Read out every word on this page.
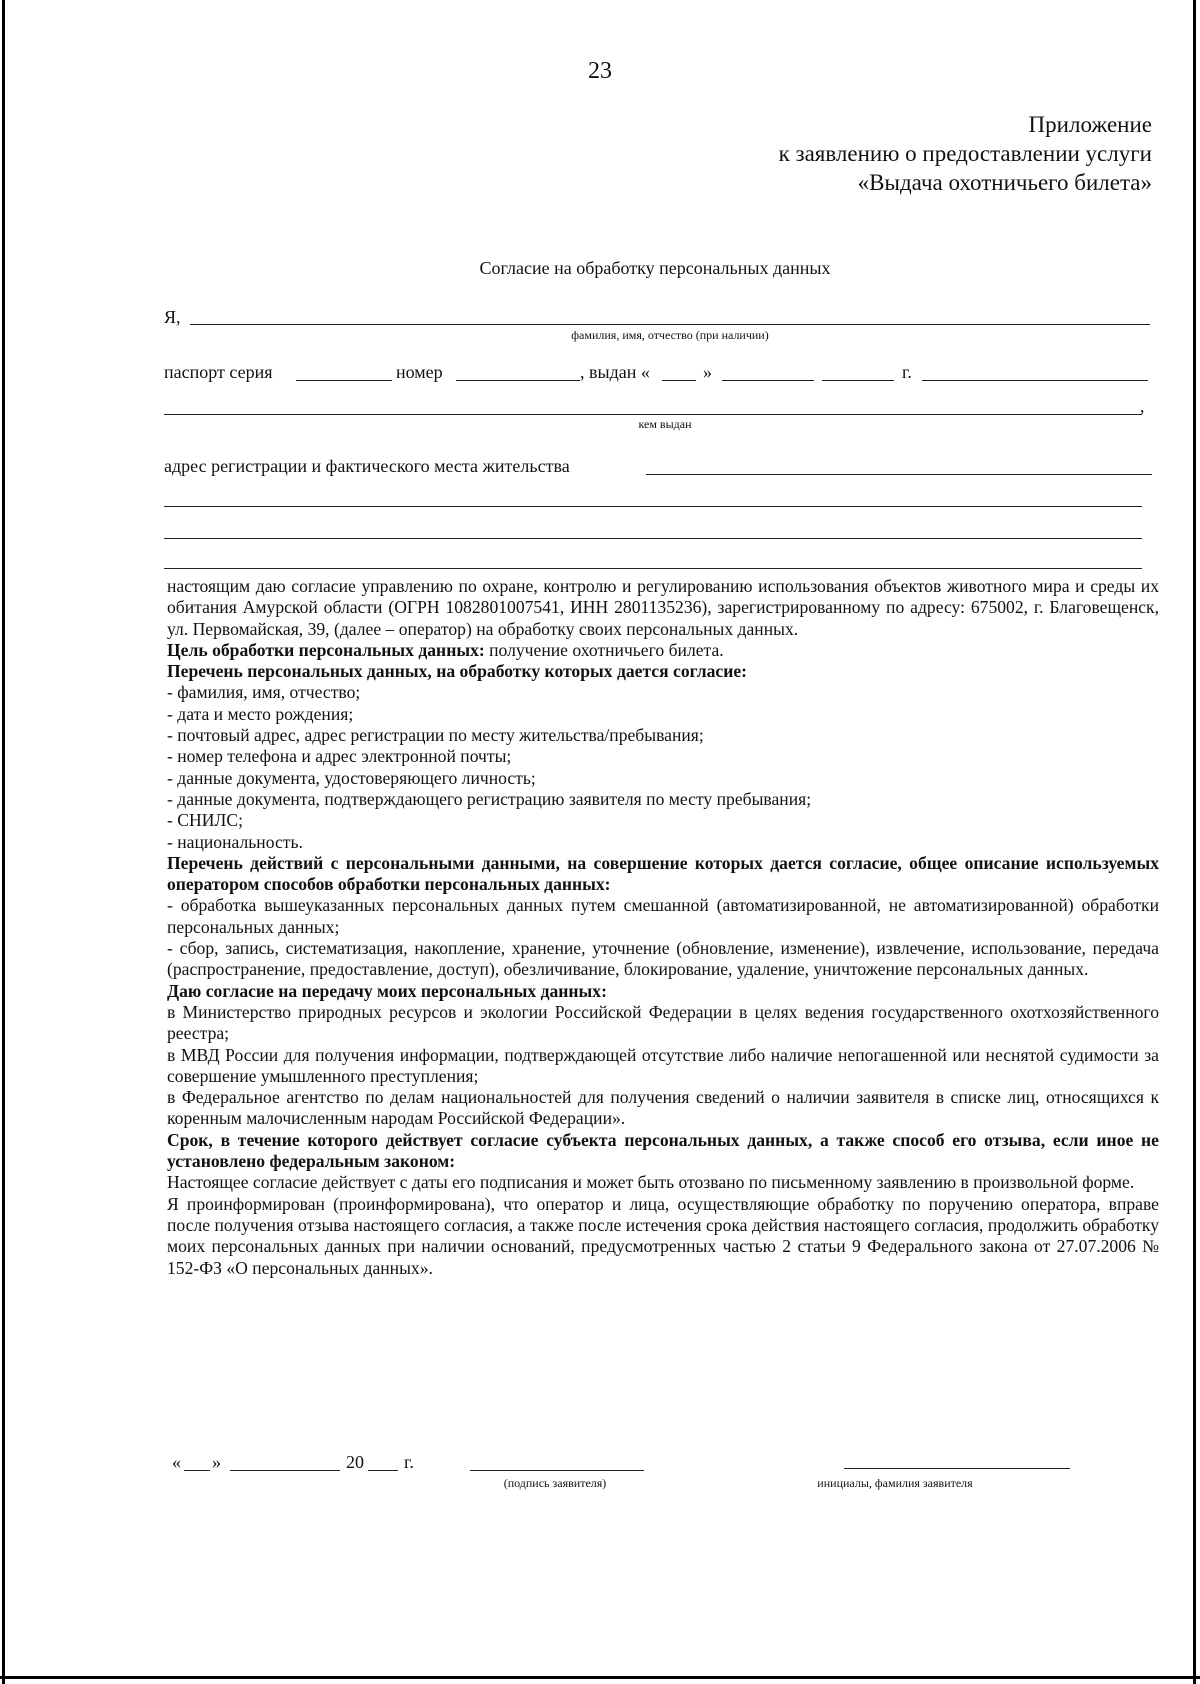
23
Приложение
к заявлению о предоставлении услуги
«Выдача охотничьего билета»
Согласие на обработку персональных данных
Я,
фамилия, имя, отчество (при наличии)
паспорт серия	номер	, выдан «	»	г.
,
кем выдан
адрес регистрации и фактического места жительства

настоящим даю согласие управлению по охране, контролю и регулированию использования объектов животного мира и среды их обитания Амурской области (ОГРН 1082801007541, ИНН 2801135236), зарегистрированному по адресу: 675002, г. Благовещенск, ул. Первомайская, 39, (далее – оператор) на обработку своих персональных данных.

Цель обработки персональных данных: получение охотничьего билета.

Перечень персональных данных, на обработку которых дается согласие:

- фамилия, имя, отчество;

- дата и место рождения;

- почтовый адрес, адрес регистрации по месту жительства/пребывания;

- номер телефона и адрес электронной почты;

- данные документа, удостоверяющего личность;

- данные документа, подтверждающего регистрацию заявителя по месту пребывания;

- СНИЛС;

- национальность.

Перечень действий с персональными данными, на совершение которых дается согласие, общее описание используемых оператором способов обработки персональных данных:

- обработка вышеуказанных персональных данных путем смешанной (автоматизированной, не автоматизированной) обработки персональных данных;

- сбор, запись, систематизация, накопление, хранение, уточнение (обновление, изменение), извлечение, использование, передача (распространение, предоставление, доступ), обезличивание, блокирование, удаление, уничтожение персональных данных.

Даю согласие на передачу моих персональных данных:

в Министерство природных ресурсов и экологии Российской Федерации в целях ведения государственного охотхозяйственного реестра;

в МВД России для получения информации, подтверждающей отсутствие либо наличие непогашенной или неснятой судимости за совершение умышленного преступления;

в Федеральное агентство по делам национальностей для получения сведений о наличии заявителя в списке лиц, относящихся к коренным малочисленным народам Российской Федерации».

Срок, в течение которого действует согласие субъекта персональных данных, а также способ его отзыва, если иное не установлено федеральным законом:

Настоящее согласие действует с даты его подписания и может быть отозвано по письменному заявлению в произвольной форме.

Я проинформирован (проинформирована), что оператор и лица, осуществляющие обработку по поручению оператора, вправе после получения отзыва настоящего согласия, а также после истечения срока действия настоящего согласия, продолжить обработку моих персональных данных при наличии оснований, предусмотренных частью 2 статьи 9 Федерального закона от 27.07.2006 № 152-ФЗ «О персональных данных».

« »	20 г.
(подпись заявителя)	инициалы, фамилия заявителя
